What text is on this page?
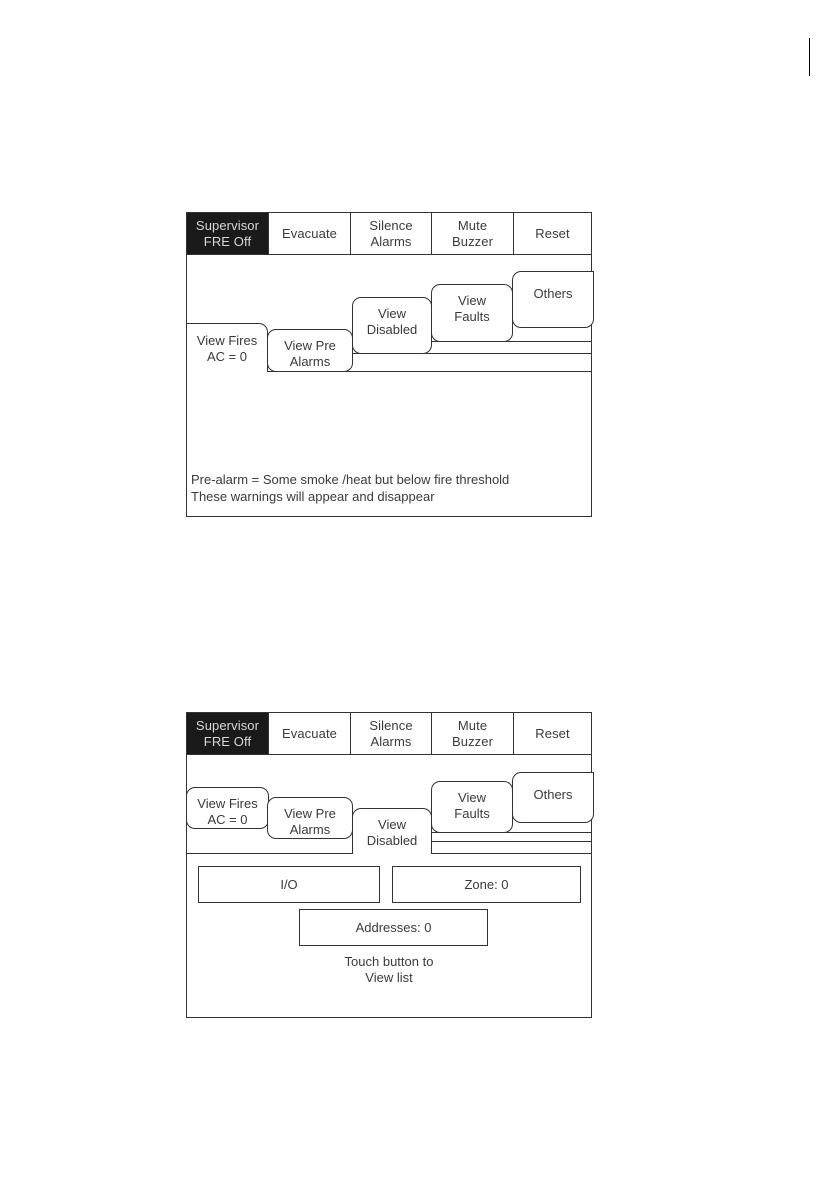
Supervisor
FRE Off
Evacuate
Silence
Alarms
Mute
Buzzer
Reset
Others
View
Faults
View
Disabled
View Fires
AC = 0
View Pre
Alarms
Pre-alarm = Some smoke /heat but below fire threshold
These warnings will appear and disappear
Supervisor
FRE Off
Evacuate
Silence
Alarms
Mute
Buzzer
Reset
Others
View
Faults
View Fires
AC = 0	View Pre
Alarms	View
Disabled
I/O	Zone: 0
Addresses: 0
Touch button to
View list
